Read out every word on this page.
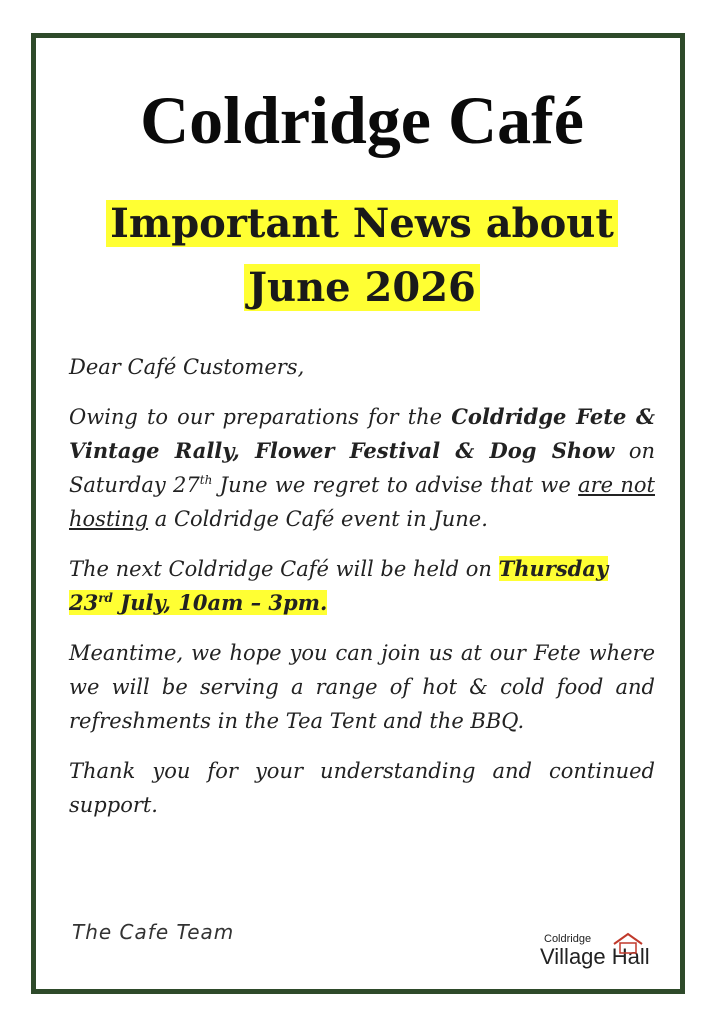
Coldridge Café
Important News about
June 2026

Dear Café Customers,

Owing to our preparations for the Coldridge Fete & Vintage Rally, Flower Festival & Dog Show on Saturday 27th June we regret to advise that we are not hosting a Coldridge Café event in June.

The next Coldridge Café will be held on Thursday
23rd July, 10am – 3pm.

Meantime, we hope you can join us at our Fete where we will be serving a range of hot & cold food and refreshments in the Tea Tent and the BBQ.

Thank you for your understanding and continued support.

The Cafe Team	Coldridge
Village Hall
